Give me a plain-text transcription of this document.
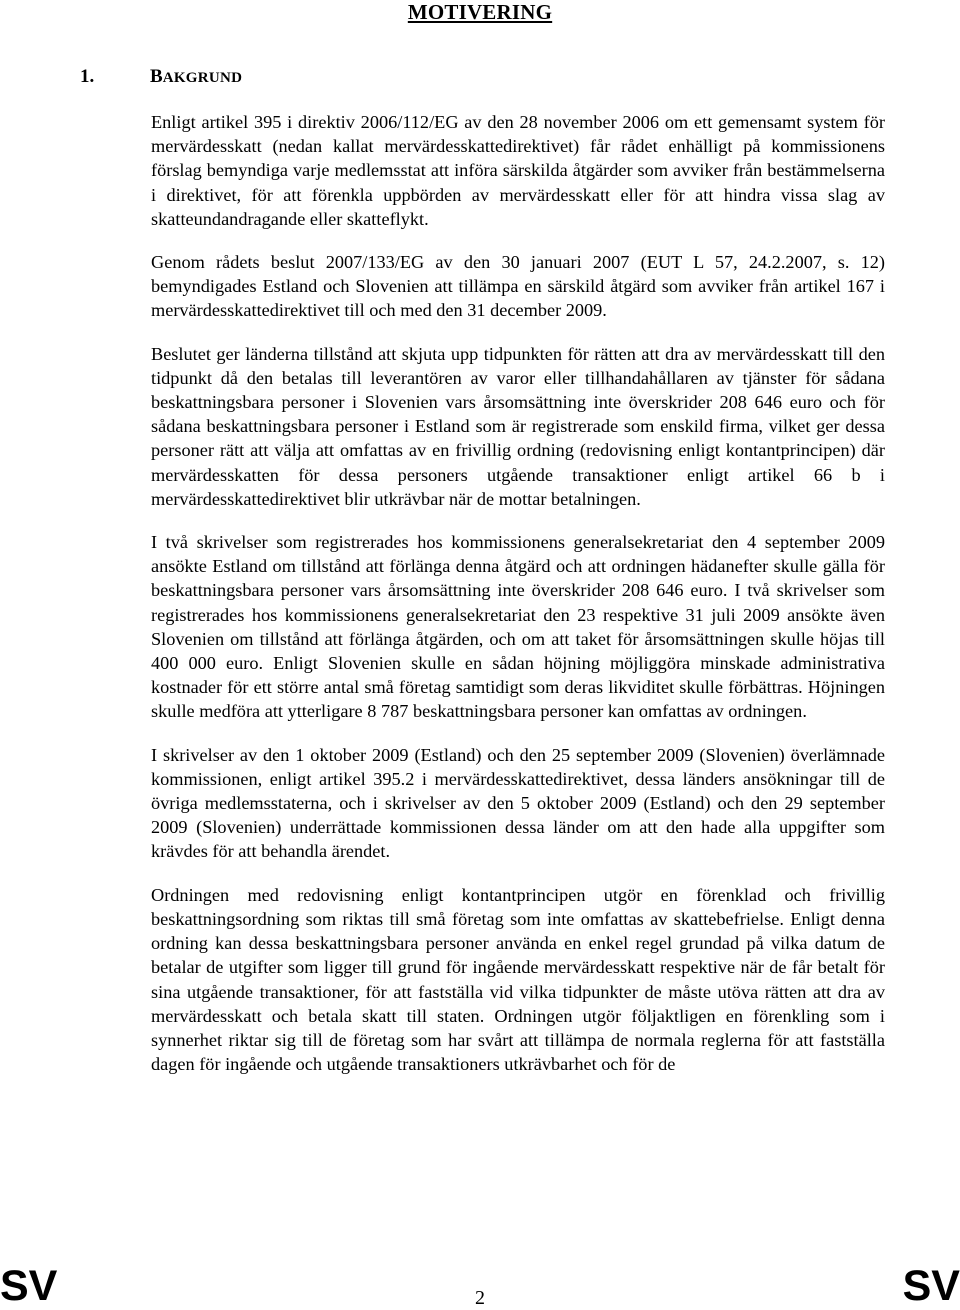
MOTIVERING
1.	BAKGRUND

Enligt artikel 395 i direktiv 2006/112/EG av den 28 november 2006 om ett gemensamt system för mervärdesskatt (nedan kallat mervärdesskattedirektivet) får rådet enhälligt på kommissionens förslag bemyndiga varje medlemsstat att införa särskilda åtgärder som avviker från bestämmelserna i direktivet, för att förenkla uppbörden av mervärdesskatt eller för att hindra vissa slag av skatteundandragande eller skatteflykt.

Genom rådets beslut 2007/133/EG av den 30 januari 2007 (EUT L 57, 24.2.2007, s. 12) bemyndigades Estland och Slovenien att tillämpa en särskild åtgärd som avviker från artikel 167 i mervärdesskattedirektivet till och med den 31 december 2009.

Beslutet ger länderna tillstånd att skjuta upp tidpunkten för rätten att dra av mervärdesskatt till den tidpunkt då den betalas till leverantören av varor eller tillhandahållaren av tjänster för sådana beskattningsbara personer i Slovenien vars årsomsättning inte överskrider 208 646 euro och för sådana beskattningsbara personer i Estland som är registrerade som enskild firma, vilket ger dessa personer rätt att välja att omfattas av en frivillig ordning (redovisning enligt kontantprincipen) där mervärdesskatten för dessa personers utgående transaktioner enligt artikel 66 b i mervärdesskattedirektivet blir utkrävbar när de mottar betalningen.

I två skrivelser som registrerades hos kommissionens generalsekretariat den 4 september 2009 ansökte Estland om tillstånd att förlänga denna åtgärd och att ordningen hädanefter skulle gälla för beskattningsbara personer vars årsomsättning inte överskrider 208 646 euro. I två skrivelser som registrerades hos kommissionens generalsekretariat den 23 respektive 31 juli 2009 ansökte även Slovenien om tillstånd att förlänga åtgärden, och om att taket för årsomsättningen skulle höjas till 400 000 euro. Enligt Slovenien skulle en sådan höjning möjliggöra minskade administrativa kostnader för ett större antal små företag samtidigt som deras likviditet skulle förbättras. Höjningen skulle medföra att ytterligare 8 787 beskattningsbara personer kan omfattas av ordningen.

I skrivelser av den 1 oktober 2009 (Estland) och den 25 september 2009 (Slovenien) överlämnade kommissionen, enligt artikel 395.2 i mervärdesskattedirektivet, dessa länders ansökningar till de övriga medlemsstaterna, och i skrivelser av den 5 oktober 2009 (Estland) och den 29 september 2009 (Slovenien) underrättade kommissionen dessa länder om att den hade alla uppgifter som krävdes för att behandla ärendet.

Ordningen med redovisning enligt kontantprincipen utgör en förenklad och frivillig beskattningsordning som riktas till små företag som inte omfattas av skattebefrielse. Enligt denna ordning kan dessa beskattningsbara personer använda en enkel regel grundad på vilka datum de betalar de utgifter som ligger till grund för ingående mervärdesskatt respektive när de får betalt för sina utgående transaktioner, för att fastställa vid vilka tidpunkter de måste utöva rätten att dra av mervärdesskatt och betala skatt till staten. Ordningen utgör följaktligen en förenkling som i synnerhet riktar sig till de företag som har svårt att tillämpa de normala reglerna för att fastställa dagen för ingående och utgående transaktioners utkrävbarhet och för de

SV	2	SV
